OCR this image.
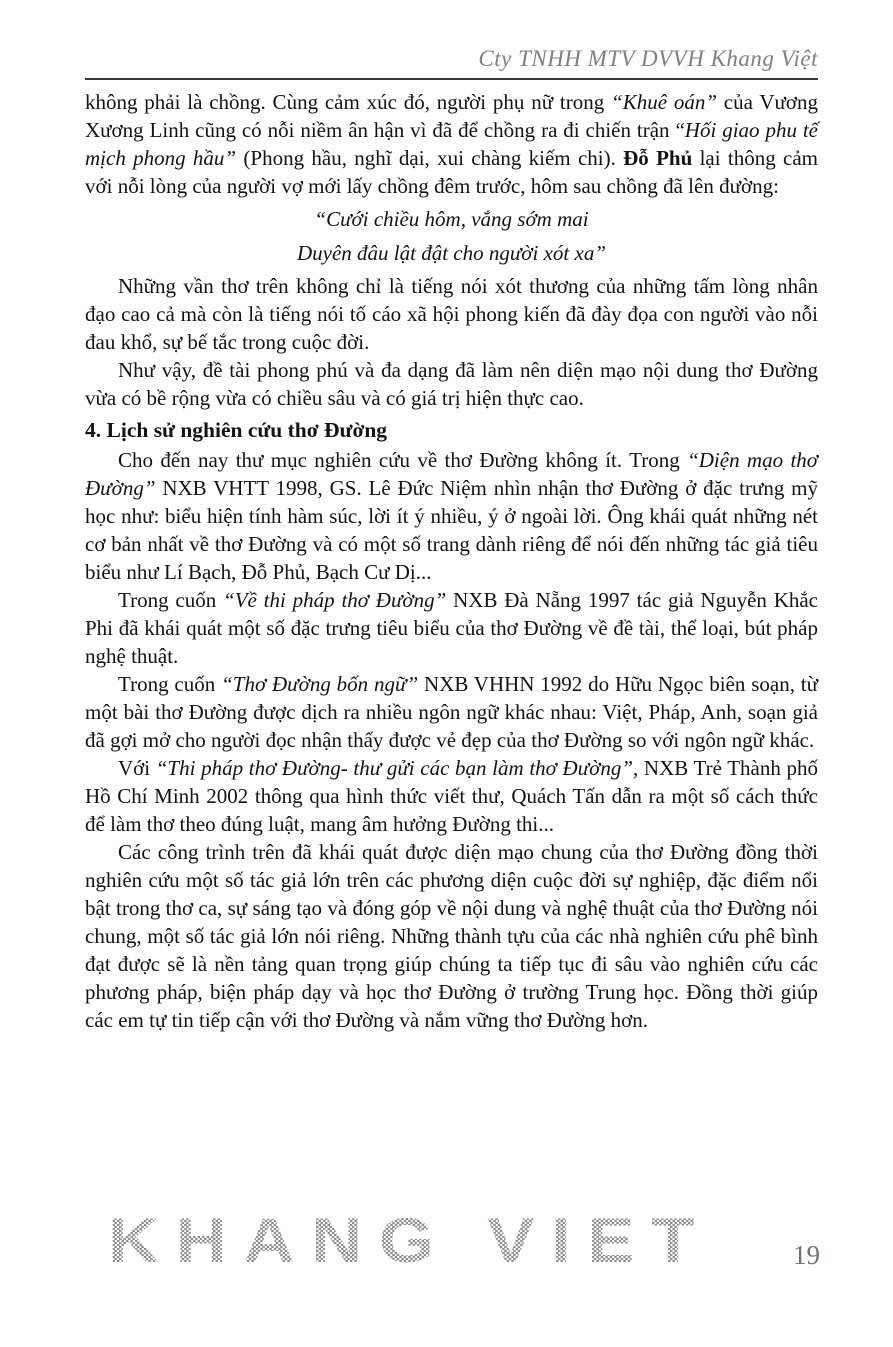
Cty TNHH MTV DVVH Khang Việt

không phải là chồng. Cùng cảm xúc đó, người phụ nữ trong “Khuê oán” của Vương Xương Linh cũng có nỗi niềm ân hận vì đã để chồng ra đi chiến trận “Hối giao phu tế mịch phong hầu” (Phong hầu, nghĩ dại, xui chàng kiếm chi). Đỗ Phủ lại thông cảm với nỗi lòng của người vợ mới lấy chồng đêm trước, hôm sau chồng đã lên đường:

“Cưới chiều hôm, vắng sớm mai
Duyên đâu lật đật cho người xót xa”

Những vần thơ trên không chỉ là tiếng nói xót thương của những tấm lòng nhân đạo cao cả mà còn là tiếng nói tố cáo xã hội phong kiến đã đày đọa con người vào nỗi đau khổ, sự bế tắc trong cuộc đời.

Như vậy, đề tài phong phú và đa dạng đã làm nên diện mạo nội dung thơ Đường vừa có bề rộng vừa có chiều sâu và có giá trị hiện thực cao.

4. Lịch sử nghiên cứu thơ Đường

Cho đến nay thư mục nghiên cứu về thơ Đường không ít. Trong “Diện mạo thơ Đường” NXB VHTT 1998, GS. Lê Đức Niệm nhìn nhận thơ Đường ở đặc trưng mỹ học như: biểu hiện tính hàm súc, lời ít ý nhiều, ý ở ngoài lời. Ông khái quát những nét cơ bản nhất về thơ Đường và có một số trang dành riêng để nói đến những tác giả tiêu biểu như Lí Bạch, Đỗ Phủ, Bạch Cư Dị...

Trong cuốn “Về thi pháp thơ Đường” NXB Đà Nẵng 1997 tác giả Nguyễn Khắc Phi đã khái quát một số đặc trưng tiêu biểu của thơ Đường về đề tài, thể loại, bút pháp nghệ thuật.

Trong cuốn “Thơ Đường bốn ngữ” NXB VHHN 1992 do Hữu Ngọc biên soạn, từ một bài thơ Đường được dịch ra nhiều ngôn ngữ khác nhau: Việt, Pháp, Anh, soạn giả đã gợi mở cho người đọc nhận thấy được vẻ đẹp của thơ Đường so với ngôn ngữ khác.

Với “Thi pháp thơ Đường- thư gửi các bạn làm thơ Đường”, NXB Trẻ Thành phố Hồ Chí Minh 2002 thông qua hình thức viết thư, Quách Tấn dẫn ra một số cách thức để làm thơ theo đúng luật, mang âm hưởng Đường thi...

Các công trình trên đã khái quát được diện mạo chung của thơ Đường đồng thời nghiên cứu một số tác giả lớn trên các phương diện cuộc đời sự nghiệp, đặc điểm nổi bật trong thơ ca, sự sáng tạo và đóng góp về nội dung và nghệ thuật của thơ Đường nói chung, một số tác giả lớn nói riêng. Những thành tựu của các nhà nghiên cứu phê bình đạt được sẽ là nền tảng quan trọng giúp chúng ta tiếp tục đi sâu vào nghiên cứu các phương pháp, biện pháp dạy và học thơ Đường ở trường Trung học. Đồng thời giúp các em tự tin tiếp cận với thơ Đường và nắm vững thơ Đường hơn.

KHANG VIET	19
